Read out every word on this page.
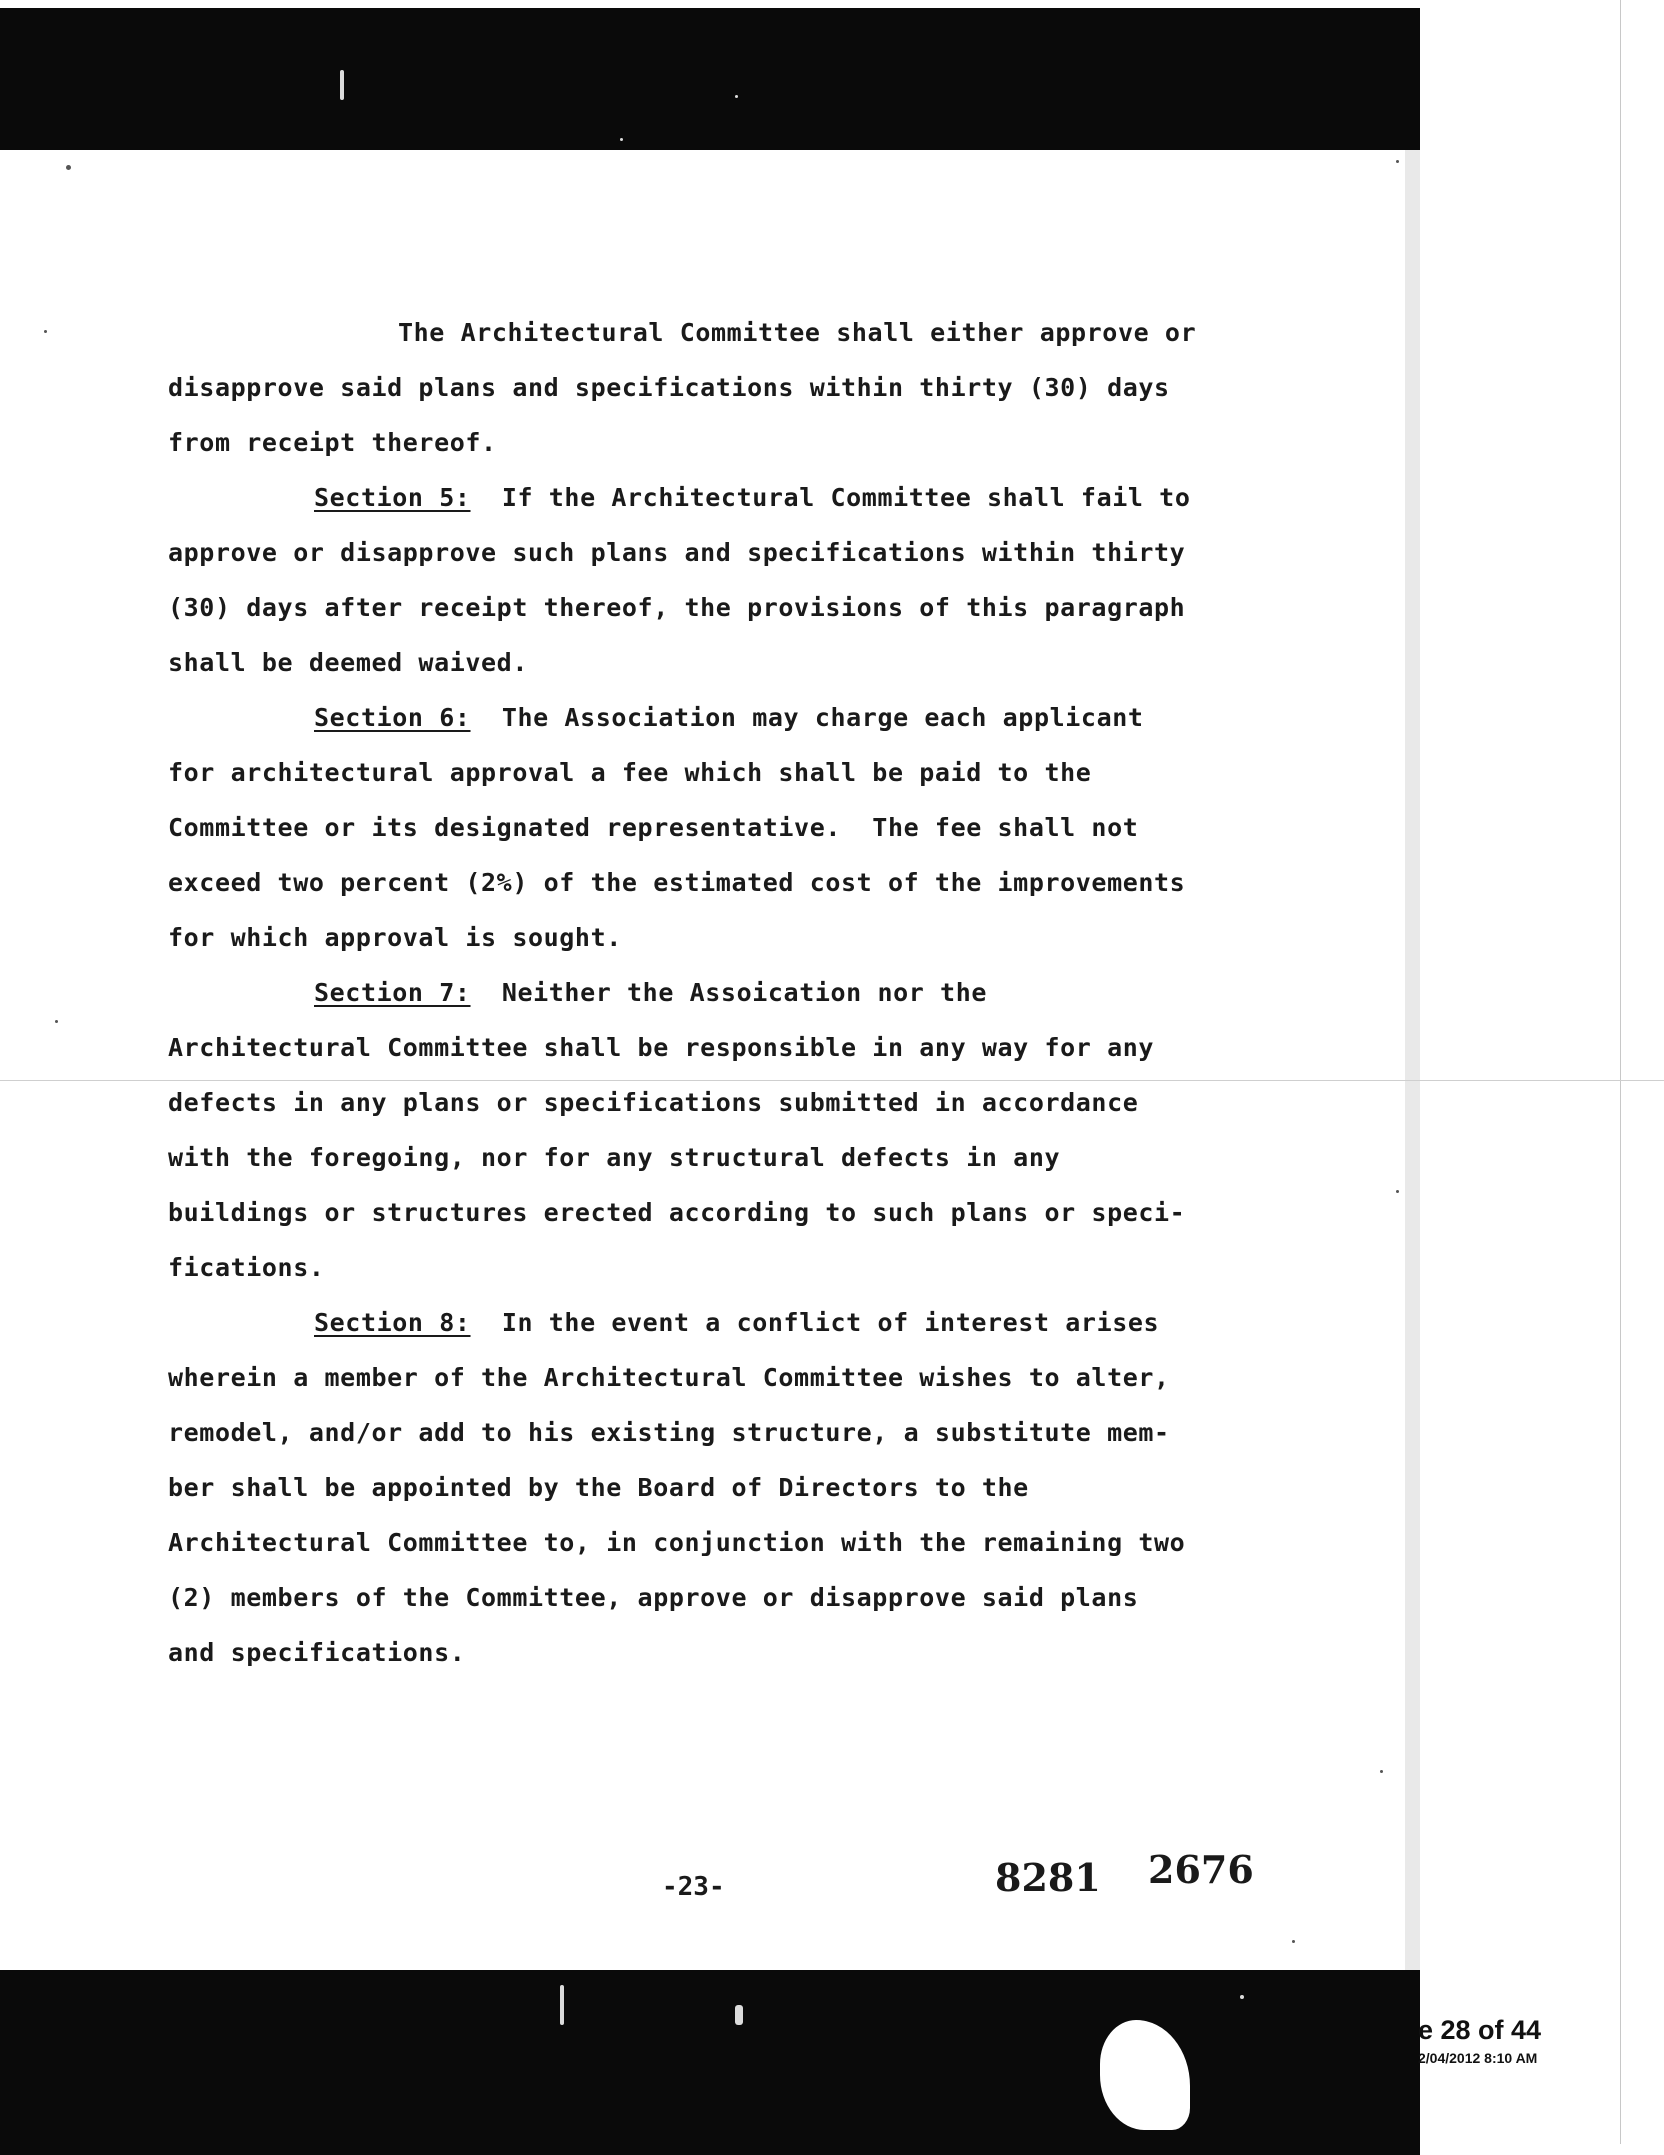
The Architectural Committee shall either approve or
disapprove said plans and specifications within thirty (30) days
from receipt thereof.
Section 5:  If the Architectural Committee shall fail to
approve or disapprove such plans and specifications within thirty
(30) days after receipt thereof, the provisions of this paragraph
shall be deemed waived.
Section 6:  The Association may charge each applicant
for architectural approval a fee which shall be paid to the
Committee or its designated representative.  The fee shall not
exceed two percent (2%) of the estimated cost of the improvements
for which approval is sought.
Section 7:  Neither the Assoication nor the
Architectural Committee shall be responsible in any way for any
defects in any plans or specifications submitted in accordance
with the foregoing, nor for any structural defects in any
buildings or structures erected according to such plans or speci-
fications.
Section 8:  In the event a conflict of interest arises
wherein a member of the Architectural Committee wishes to alter,
remodel, and/or add to his existing structure, a substitute mem-
ber shall be appointed by the Board of Directors to the
Architectural Committee to, in conjunction with the remaining two
(2) members of the Committee, approve or disapprove said plans
and specifications.
-23-	8281 2676
e 28 of 44
2/04/2012 8:10 AM
